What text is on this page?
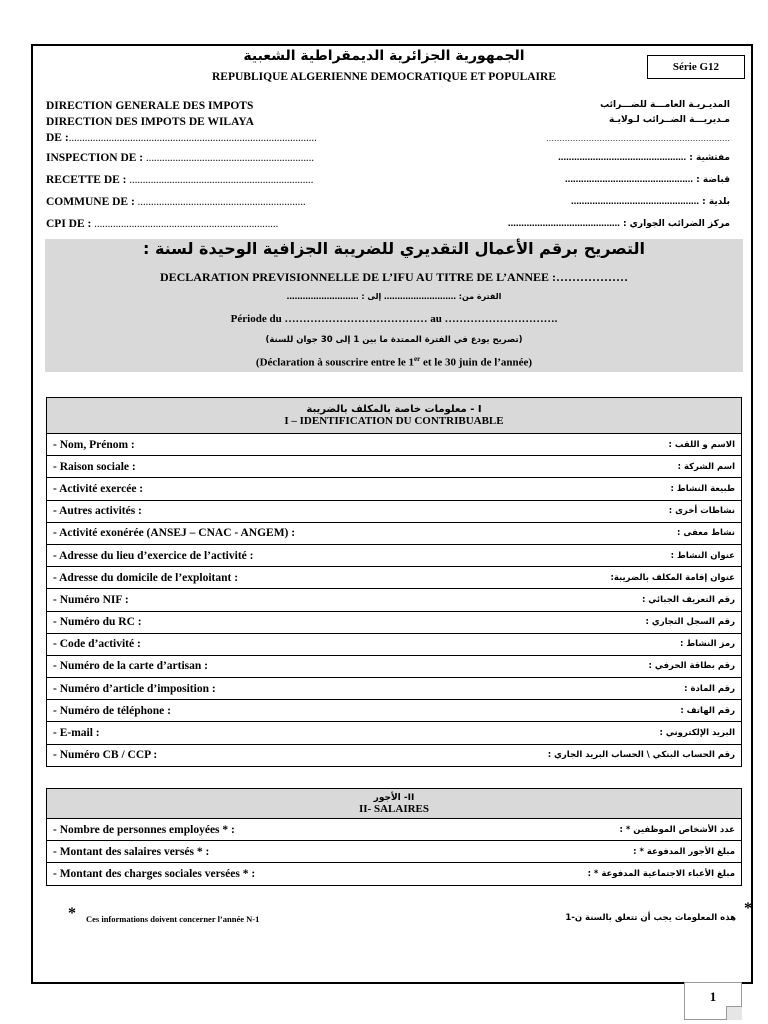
الجمهورية الجزائرية الديمقراطية الشعبية
REPUBLIQUE ALGERIENNE DEMOCRATIQUE ET POPULAIRE
Série G12
DIRECTION GENERALE DES IMPOTS
DIRECTION DES IMPOTS DE WILAYA
DE :…………………………………………………………………………………
المديـريـة العامـــة للضـــرائب
مـديريـــة الضــرائب لـولايـة
……………………………………………………………
INSPECTION DE : ………………………………………………………	مفتشية : …………………………………………
RECETTE DE : ……………………………………………………………	قباضة : …………………………………………
COMMUNE DE : ………………………………………………………	بلدية : …………………………………………
CPI DE : ……………………………………………………………	مركز الضرائب الجواري : ……………………………………
التصريح برقم الأعمال التقديري للضريبة الجزافية الوحيدة لسنة :
DECLARATION PREVISIONNELLE DE L’IFU AU TITRE DE L’ANNEE :………………
الفترة من: ……………………… إلى : ………………………
Période du ………………………………… au ………………………….
(تصريح يودع في الفترة الممتدة ما بين 1 إلى 30 جوان للسنة)
(Déclaration à souscrire entre le 1er et le 30 juin de l’année)
I - معلومات خاصة بالمكلف بالضريبة
I – IDENTIFICATION DU CONTRIBUABLE

- Nom, Prénom :	الاسم و اللقب :

- Raison sociale :	اسم الشركة :

- Activité exercée :	طبيعة النشاط :

- Autres activités :	نشاطات أخرى :

- Activité exonérée (ANSEJ – CNAC - ANGEM) :	نشاط معفى :

- Adresse du lieu d’exercice de l’activité :	عنوان النشاط :

- Adresse du domicile de l’exploitant :	عنوان إقامة المكلف بالضريبة:

- Numéro NIF :	رقم التعريف الجبائي :

- Numéro du RC :	رقم السجل التجاري :

- Code d’activité :	رمز النشاط :

- Numéro de la carte d’artisan :	رقم بطاقة الحرفي :

- Numéro d’article d’imposition :	رقم المادة :

- Numéro de téléphone :	رقم الهاتف :

- E-mail :	البريد الإلكتروني :

- Numéro CB / CCP :	رقم الحساب البنكي \ الحساب البريد الجاري :
II- الأجور
II- SALAIRES

- Nombre de personnes employées * :	عدد الأشخاص الموظفين * :

- Montant des salaires versés * :	مبلغ الأجور المدفوعة * :

- Montant des charges sociales versées * :	مبلغ الأعباء الاجتماعية المدفوعة * :
* Ces informations doivent concerner l’année N-1
*
هذه المعلومات يجب أن تتعلق بالسنة ن-1
1
